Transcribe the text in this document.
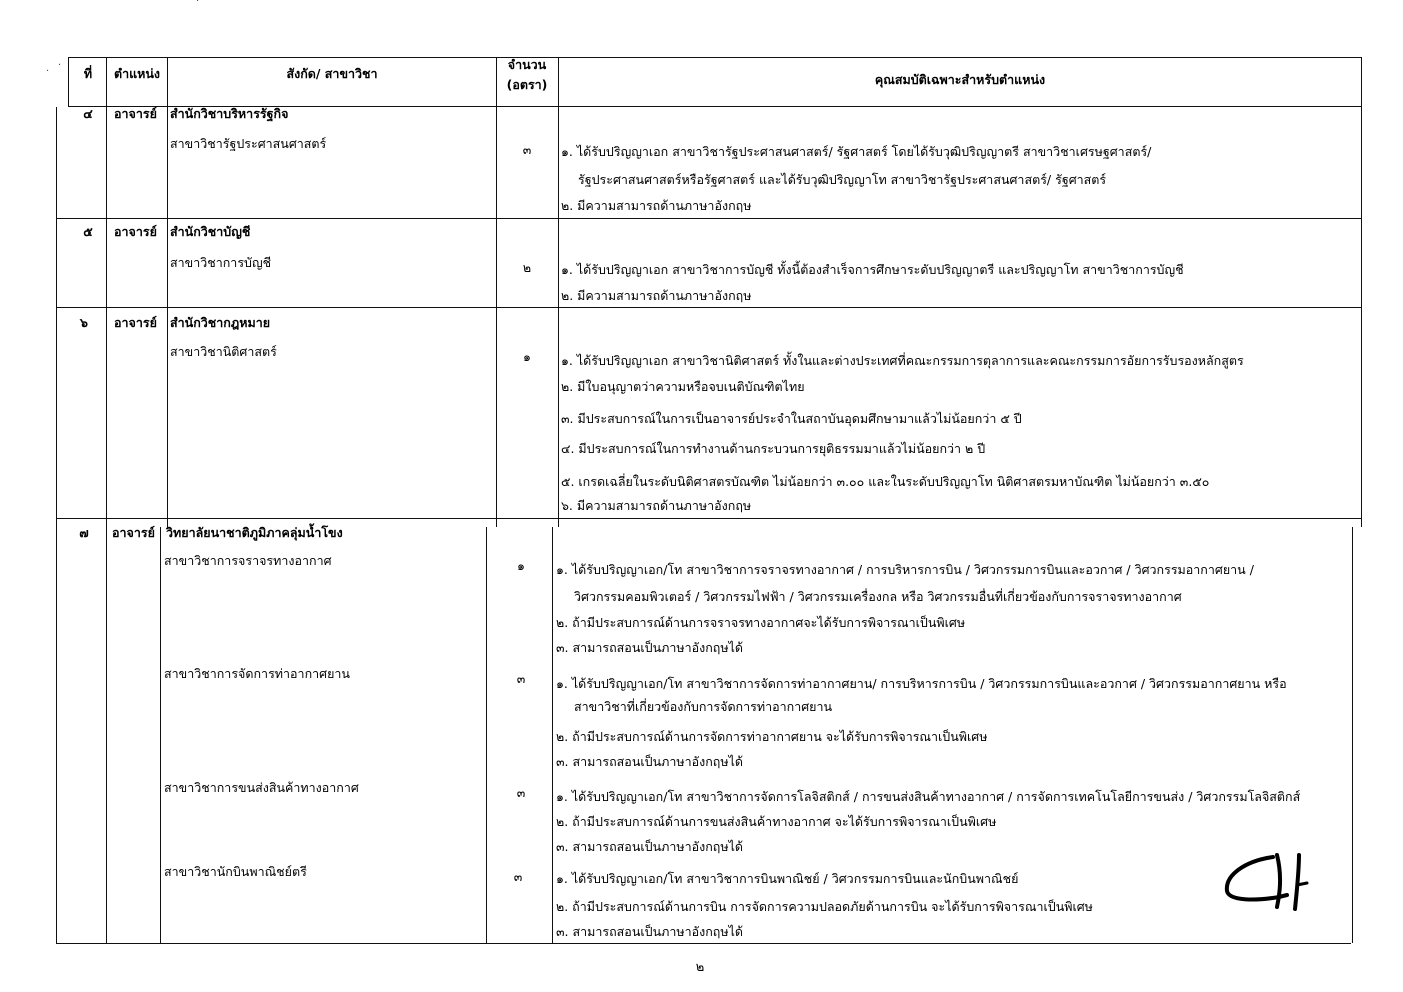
ที่ ตำแหน่ง	สังกัด/ สาขาวิชา
จำนวน
(อตรา)	คุณสมบัติเฉพาะสำหรับตำแหน่ง
๔ อาจารย์ สำนักวิชาบริหารรัฐกิจ
สาขาวิชารัฐประศาสนศาสตร์	๓ ๑. ได้รับปริญญาเอก สาขาวิชารัฐประศาสนศาสตร์/ รัฐศาสตร์ โดยได้รับวุฒิปริญญาตรี สาขาวิชาเศรษฐศาสตร์/
รัฐประศาสนศาสตร์หรือรัฐศาสตร์ และได้รับวุฒิปริญญาโท สาขาวิชารัฐประศาสนศาสตร์/ รัฐศาสตร์
๒. มีความสามารถด้านภาษาอังกฤษ
๕ อาจารย์ สำนักวิชาบัญชี
สาขาวิชาการบัญชี	๒ ๑. ได้รับปริญญาเอก สาขาวิชาการบัญชี ทั้งนี้ต้องสำเร็จการศึกษาระดับปริญญาตรี และปริญญาโท สาขาวิชาการบัญชี
๒. มีความสามารถด้านภาษาอังกฤษ
๖ อาจารย์ สำนักวิชากฎหมาย
สาขาวิชานิติศาสตร์	๑ ๑. ได้รับปริญญาเอก สาขาวิชานิติศาสตร์ ทั้งในและต่างประเทศที่คณะกรรมการตุลาการและคณะกรรมการอัยการรับรองหลักสูตร
๒. มีใบอนุญาตว่าความหรือจบเนติบัณฑิตไทย
๓. มีประสบการณ์ในการเป็นอาจารย์ประจำในสถาบันอุดมศึกษามาแล้วไม่น้อยกว่า ๕ ปี
๔. มีประสบการณ์ในการทำงานด้านกระบวนการยุติธรรมมาแล้วไม่น้อยกว่า ๒ ปี
๕. เกรดเฉลี่ยในระดับนิติศาสตรบัณฑิต ไม่น้อยกว่า ๓.๐๐ และในระดับปริญญาโท นิติศาสตรมหาบัณฑิต ไม่น้อยกว่า ๓.๕๐
๖. มีความสามารถด้านภาษาอังกฤษ
๗ อาจารย์ วิทยาลัยนาชาติภูมิภาคลุ่มน้ำโขง
สาขาวิชาการจราจรทางอากาศ	๑ ๑. ได้รับปริญญาเอก/โท สาขาวิชาการจราจรทางอากาศ / การบริหารการบิน / วิศวกรรมการบินและอวกาศ / วิศวกรรมอากาศยาน /
วิศวกรรมคอมพิวเตอร์ / วิศวกรรมไฟฟ้า / วิศวกรรมเครื่องกล หรือ วิศวกรรมอื่นที่เกี่ยวข้องกับการจราจรทางอากาศ
๒. ถ้ามีประสบการณ์ด้านการจราจรทางอากาศจะได้รับการพิจารณาเป็นพิเศษ
๓. สามารถสอนเป็นภาษาอังกฤษได้
สาขาวิชาการจัดการท่าอากาศยาน	๓ ๑. ได้รับปริญญาเอก/โท สาขาวิชาการจัดการท่าอากาศยาน/ การบริหารการบิน / วิศวกรรมการบินและอวกาศ / วิศวกรรมอากาศยาน หรือ
สาขาวิชาที่เกี่ยวข้องกับการจัดการท่าอากาศยาน
๒. ถ้ามีประสบการณ์ด้านการจัดการท่าอากาศยาน จะได้รับการพิจารณาเป็นพิเศษ
๓. สามารถสอนเป็นภาษาอังกฤษได้
สาขาวิชาการขนส่งสินค้าทางอากาศ	๓ ๑. ได้รับปริญญาเอก/โท สาขาวิชาการจัดการโลจิสติกส์ / การขนส่งสินค้าทางอากาศ / การจัดการเทคโนโลยีการขนส่ง / วิศวกรรมโลจิสติกส์
๒. ถ้ามีประสบการณ์ด้านการขนส่งสินค้าทางอากาศ จะได้รับการพิจารณาเป็นพิเศษ
๓. สามารถสอนเป็นภาษาอังกฤษได้
สาขาวิชานักบินพาณิชย์ตรี	๓	๑. ได้รับปริญญาเอก/โท สาขาวิชาการบินพาณิชย์ / วิศวกรรมการบินและนักบินพาณิชย์
๒. ถ้ามีประสบการณ์ด้านการบิน การจัดการความปลอดภัยด้านการบิน จะได้รับการพิจารณาเป็นพิเศษ
๓. สามารถสอนเป็นภาษาอังกฤษได้
๒
·
·
·
